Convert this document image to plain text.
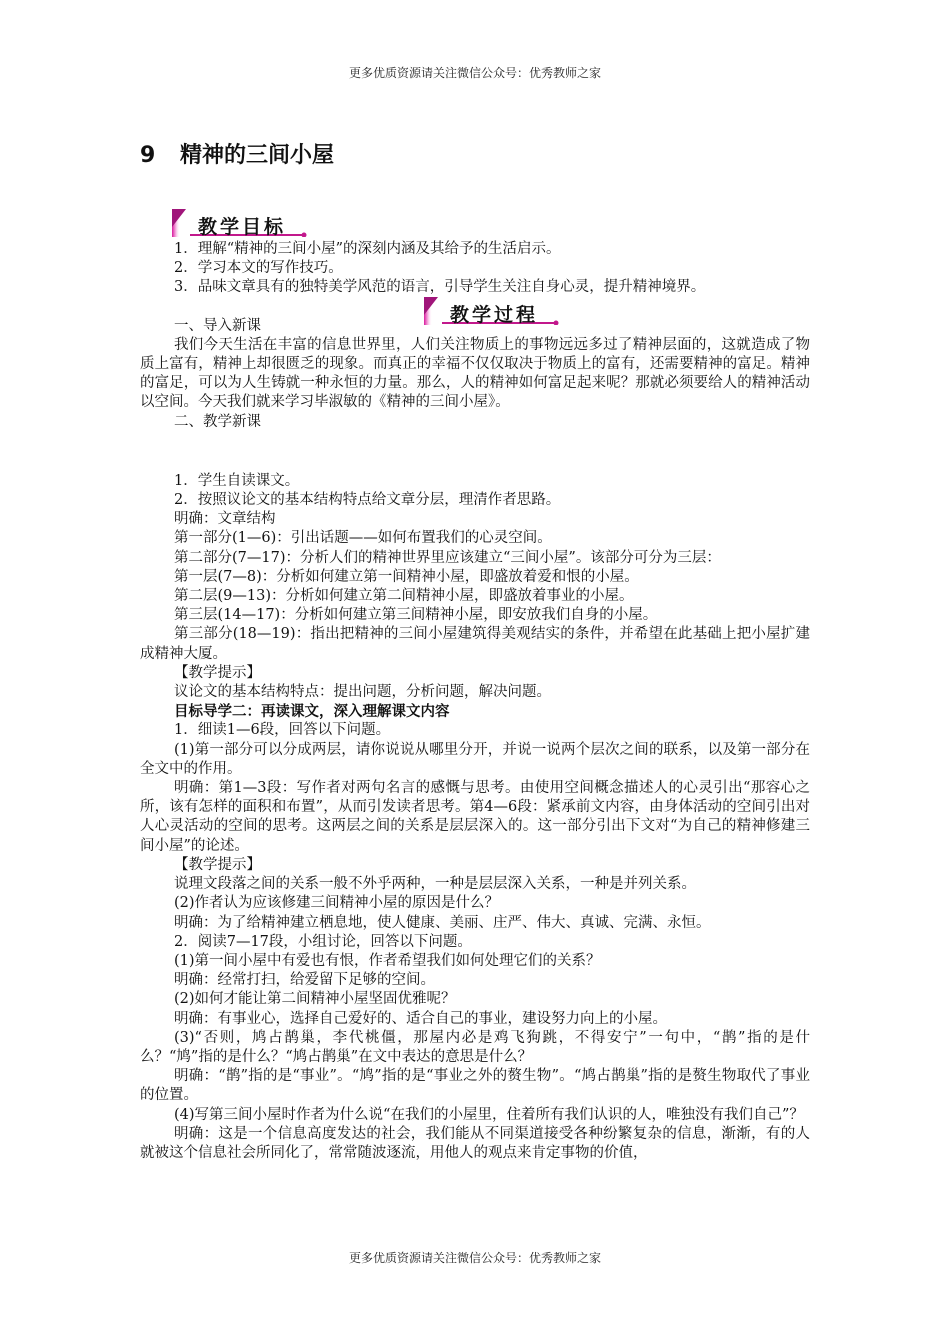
更多优质资源请关注微信公众号：优秀教师之家
9 精神的三间小屋
教学目标
教学过程

1．理解“精神的三间小屋”的深刻内涵及其给予的生活启示。

2．学习本文的写作技巧。

3．品味文章具有的独特美学风范的语言，引导学生关注自身心灵，提升精神境界。

一、导入新课

我们今天生活在丰富的信息世界里，人们关注物质上的事物远远多过了精神层面的，这就造成了物质上富有，精神上却很匮乏的现象。而真正的幸福不仅仅取决于物质上的富有，还需要精神的富足。精神的富足，可以为人生铸就一种永恒的力量。那么，人的精神如何富足起来呢？那就必须要给人的精神活动以空间。今天我们就来学习毕淑敏的《精神的三间小屋》。

二、教学新课

1．学生自读课文。

2．按照议论文的基本结构特点给文章分层，理清作者思路。

明确：文章结构

第一部分(1—6)：引出话题——如何布置我们的心灵空间。

第二部分(7—17)：分析人们的精神世界里应该建立“三间小屋”。该部分可分为三层：

第一层(7—8)：分析如何建立第一间精神小屋，即盛放着爱和恨的小屋。

第二层(9—13)：分析如何建立第二间精神小屋，即盛放着事业的小屋。

第三层(14—17)：分析如何建立第三间精神小屋，即安放我们自身的小屋。

第三部分(18—19)：指出把精神的三间小屋建筑得美观结实的条件，并希望在此基础上把小屋扩建成精神大厦。

【教学提示】

议论文的基本结构特点：提出问题，分析问题，解决问题。

目标导学二：再读课文，深入理解课文内容

1．细读1—6段，回答以下问题。

(1)第一部分可以分成两层，请你说说从哪里分开，并说一说两个层次之间的联系，以及第一部分在全文中的作用。

明确：第1—3段：写作者对两句名言的感慨与思考。由使用空间概念描述人的心灵引出“那容心之所，该有怎样的面积和布置”，从而引发读者思考。第4—6段：紧承前文内容，由身体活动的空间引出对人心灵活动的空间的思考。这两层之间的关系是层层深入的。这一部分引出下文对“为自己的精神修建三间小屋”的论述。

【教学提示】

说理文段落之间的关系一般不外乎两种，一种是层层深入关系，一种是并列关系。

(2)作者认为应该修建三间精神小屋的原因是什么？

明确：为了给精神建立栖息地，使人健康、美丽、庄严、伟大、真诚、完满、永恒。

2．阅读7—17段，小组讨论，回答以下问题。

(1)第一间小屋中有爱也有恨，作者希望我们如何处理它们的关系？

明确：经常打扫，给爱留下足够的空间。

(2)如何才能让第二间精神小屋坚固优雅呢？

明确：有事业心，选择自己爱好的、适合自己的事业，建设努力向上的小屋。

(3)“否则，鸠占鹊巢，李代桃僵，那屋内必是鸡飞狗跳，不得安宁”一句中，“鹊”指的是什么？“鸠”指的是什么？“鸠占鹊巢”在文中表达的意思是什么？

明确：“鹊”指的是“事业”。“鸠”指的是“事业之外的赘生物”。“鸠占鹊巢”指的是赘生物取代了事业的位置。

(4)写第三间小屋时作者为什么说“在我们的小屋里，住着所有我们认识的人，唯独没有我们自己”？

明确：这是一个信息高度发达的社会，我们能从不同渠道接受各种纷繁复杂的信息，渐渐，有的人就被这个信息社会所同化了，常常随波逐流，用他人的观点来肯定事物的价值，

更多优质资源请关注微信公众号：优秀教师之家
